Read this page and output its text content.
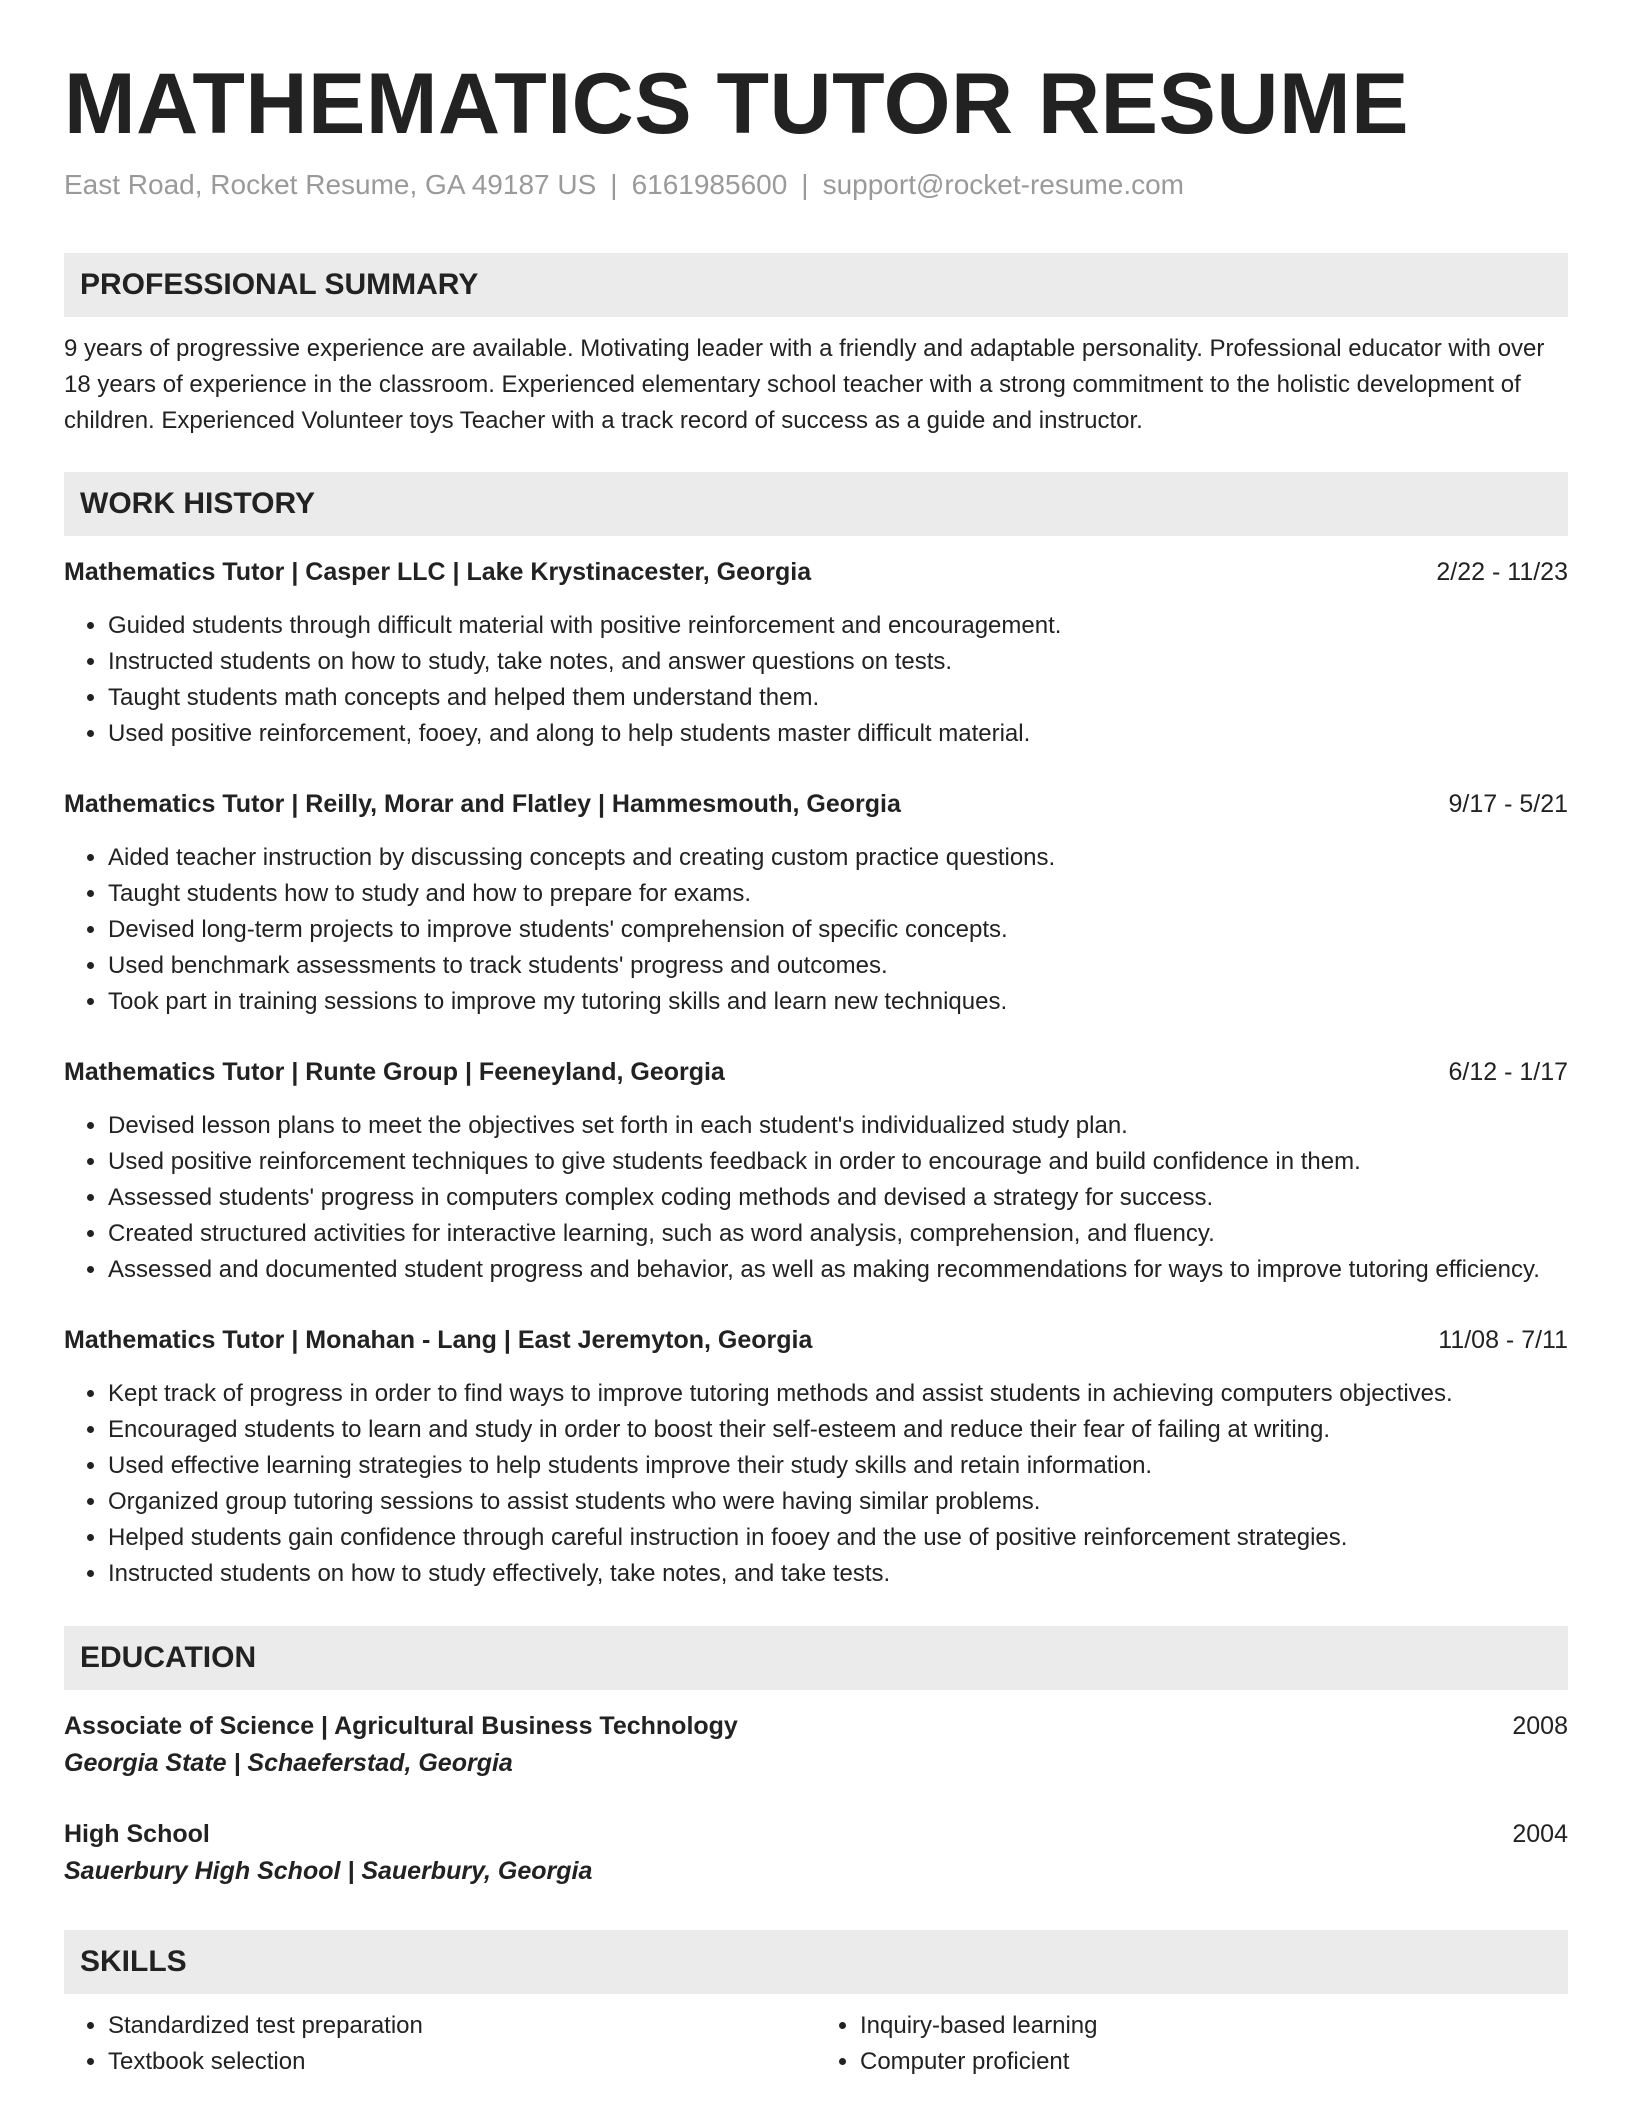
MATHEMATICS TUTOR RESUME
East Road, Rocket Resume, GA 49187 US | 6161985600 | support@rocket-resume.com
PROFESSIONAL SUMMARY
9 years of progressive experience are available. Motivating leader with a friendly and adaptable personality. Professional educator with over 18 years of experience in the classroom. Experienced elementary school teacher with a strong commitment to the holistic development of children. Experienced Volunteer toys Teacher with a track record of success as a guide and instructor.
WORK HISTORY
Mathematics Tutor | Casper LLC | Lake Krystinacester, Georgia	2/22 - 11/23
• Guided students through difficult material with positive reinforcement and encouragement.
• Instructed students on how to study, take notes, and answer questions on tests.
• Taught students math concepts and helped them understand them.
• Used positive reinforcement, fooey, and along to help students master difficult material.
Mathematics Tutor | Reilly, Morar and Flatley | Hammesmouth, Georgia	9/17 - 5/21
• Aided teacher instruction by discussing concepts and creating custom practice questions.
• Taught students how to study and how to prepare for exams.
• Devised long-term projects to improve students' comprehension of specific concepts.
• Used benchmark assessments to track students' progress and outcomes.
• Took part in training sessions to improve my tutoring skills and learn new techniques.
Mathematics Tutor | Runte Group | Feeneyland, Georgia	6/12 - 1/17
• Devised lesson plans to meet the objectives set forth in each student's individualized study plan.
• Used positive reinforcement techniques to give students feedback in order to encourage and build confidence in them.
• Assessed students' progress in computers complex coding methods and devised a strategy for success.
• Created structured activities for interactive learning, such as word analysis, comprehension, and fluency.
• Assessed and documented student progress and behavior, as well as making recommendations for ways to improve tutoring efficiency.
Mathematics Tutor | Monahan - Lang | East Jeremyton, Georgia	11/08 - 7/11
• Kept track of progress in order to find ways to improve tutoring methods and assist students in achieving computers objectives.
• Encouraged students to learn and study in order to boost their self-esteem and reduce their fear of failing at writing.
• Used effective learning strategies to help students improve their study skills and retain information.
• Organized group tutoring sessions to assist students who were having similar problems.
• Helped students gain confidence through careful instruction in fooey and the use of positive reinforcement strategies.
• Instructed students on how to study effectively, take notes, and take tests.
EDUCATION
Associate of Science | Agricultural Business Technology	2008
Georgia State | Schaeferstad, Georgia
High School	2004
Sauerbury High School | Sauerbury, Georgia
SKILLS
• Standardized test preparation
• Textbook selection
• Inquiry-based learning
• Computer proficient
